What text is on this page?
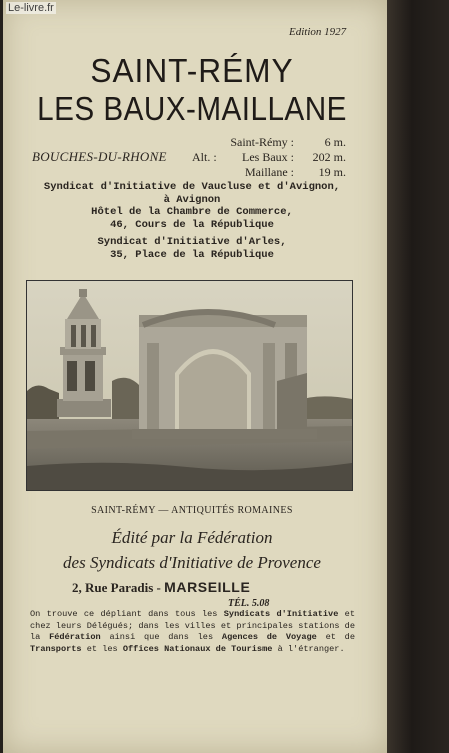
Le-livre.fr
Edition 1927
SAINT-RÉMY
LES BAUX-MAILLANE
BOUCHES-DU-RHONE
Saint-Rémy :	6 m.
Les Baux :	202 m.
Maillane :	19 m.
Alt. :
Syndicat d'Initiative de Vaucluse et d'Avignon,
à Avignon
Hôtel de la Chambre de Commerce,
46, Cours de la République
Syndicat d'Initiative d'Arles,
35, Place de la République
SAINT-RÉMY — ANTIQUITÉS ROMAINES
Édité par la Fédération
des Syndicats d'Initiative de Provence
2, Rue Paradis - MARSEILLE
TÉL. 5.08
On trouve ce dépliant dans tous les Syndicats d'Initiative et chez leurs Délégués; dans les villes et principales stations de la Fédération ainsi que dans les Agences de Voyage et de Transports et les Offices Nationaux de Tourisme à l'étranger.
